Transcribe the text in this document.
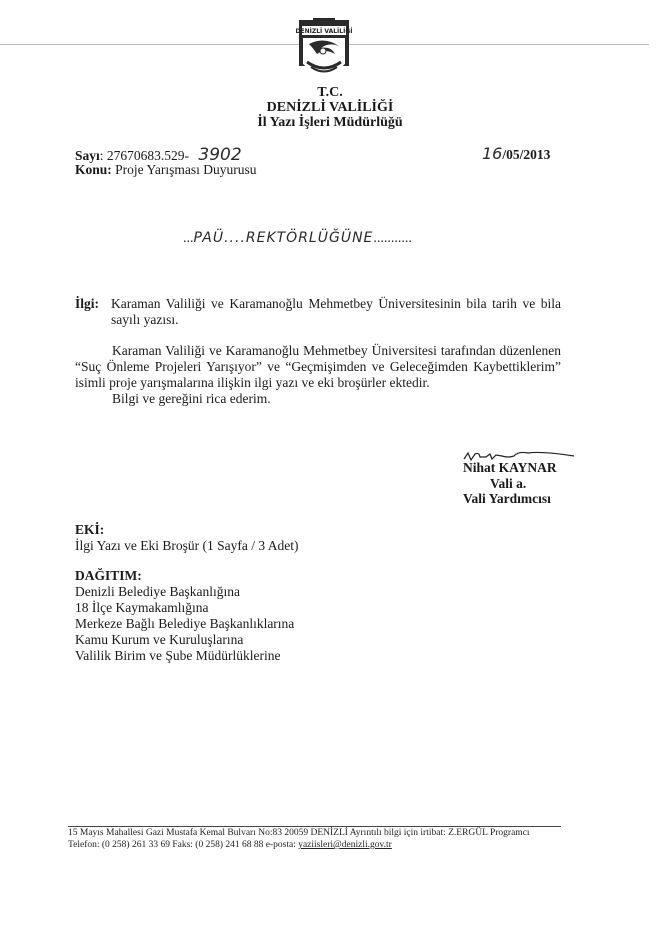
DENİZLİ VALİLİĞİ
T.C.
DENİZLİ VALİLİĞİ
İl Yazı İşleri Müdürlüğü
Sayı: 27670683.529- 3902
Konu: Proje Yarışması Duyurusu
16/05/2013
...PAÜ....REKTÖRLÜĞÜNE...........
İlgi: Karaman Valiliği ve Karamanoğlu Mehmetbey Üniversitesinin bila tarih ve bila sayılı yazısı.
Karaman Valiliği ve Karamanoğlu Mehmetbey Üniversitesi tarafından düzenlenen “Suç Önleme Projeleri Yarışıyor” ve “Geçmişimden ve Geleceğimden Kaybettiklerim” isimli proje yarışmalarına ilişkin ilgi yazı ve eki broşürler ektedir.
Bilgi ve gereğini rica ederim.
Nihat KAYNAR
Vali a.
Vali Yardımcısı
EKİ:
İlgi Yazı ve Eki Broşür (1 Sayfa / 3 Adet)
DAĞITIM:
Denizli Belediye Başkanlığına
18 İlçe Kaymakamlığına
Merkeze Bağlı Belediye Başkanlıklarına
Kamu Kurum ve Kuruluşlarına
Valilik Birim ve Şube Müdürlüklerine
15 Mayıs Mahallesi Gazi Mustafa Kemal Bulvarı No:83 20059 DENİZLİ Ayrıntılı bilgi için irtibat: Z.ERGÜL Programcı
Telefon: (0 258) 261 33 69 Faks: (0 258) 241 68 88 e-posta: yaziisleri@denizli.gov.tr
